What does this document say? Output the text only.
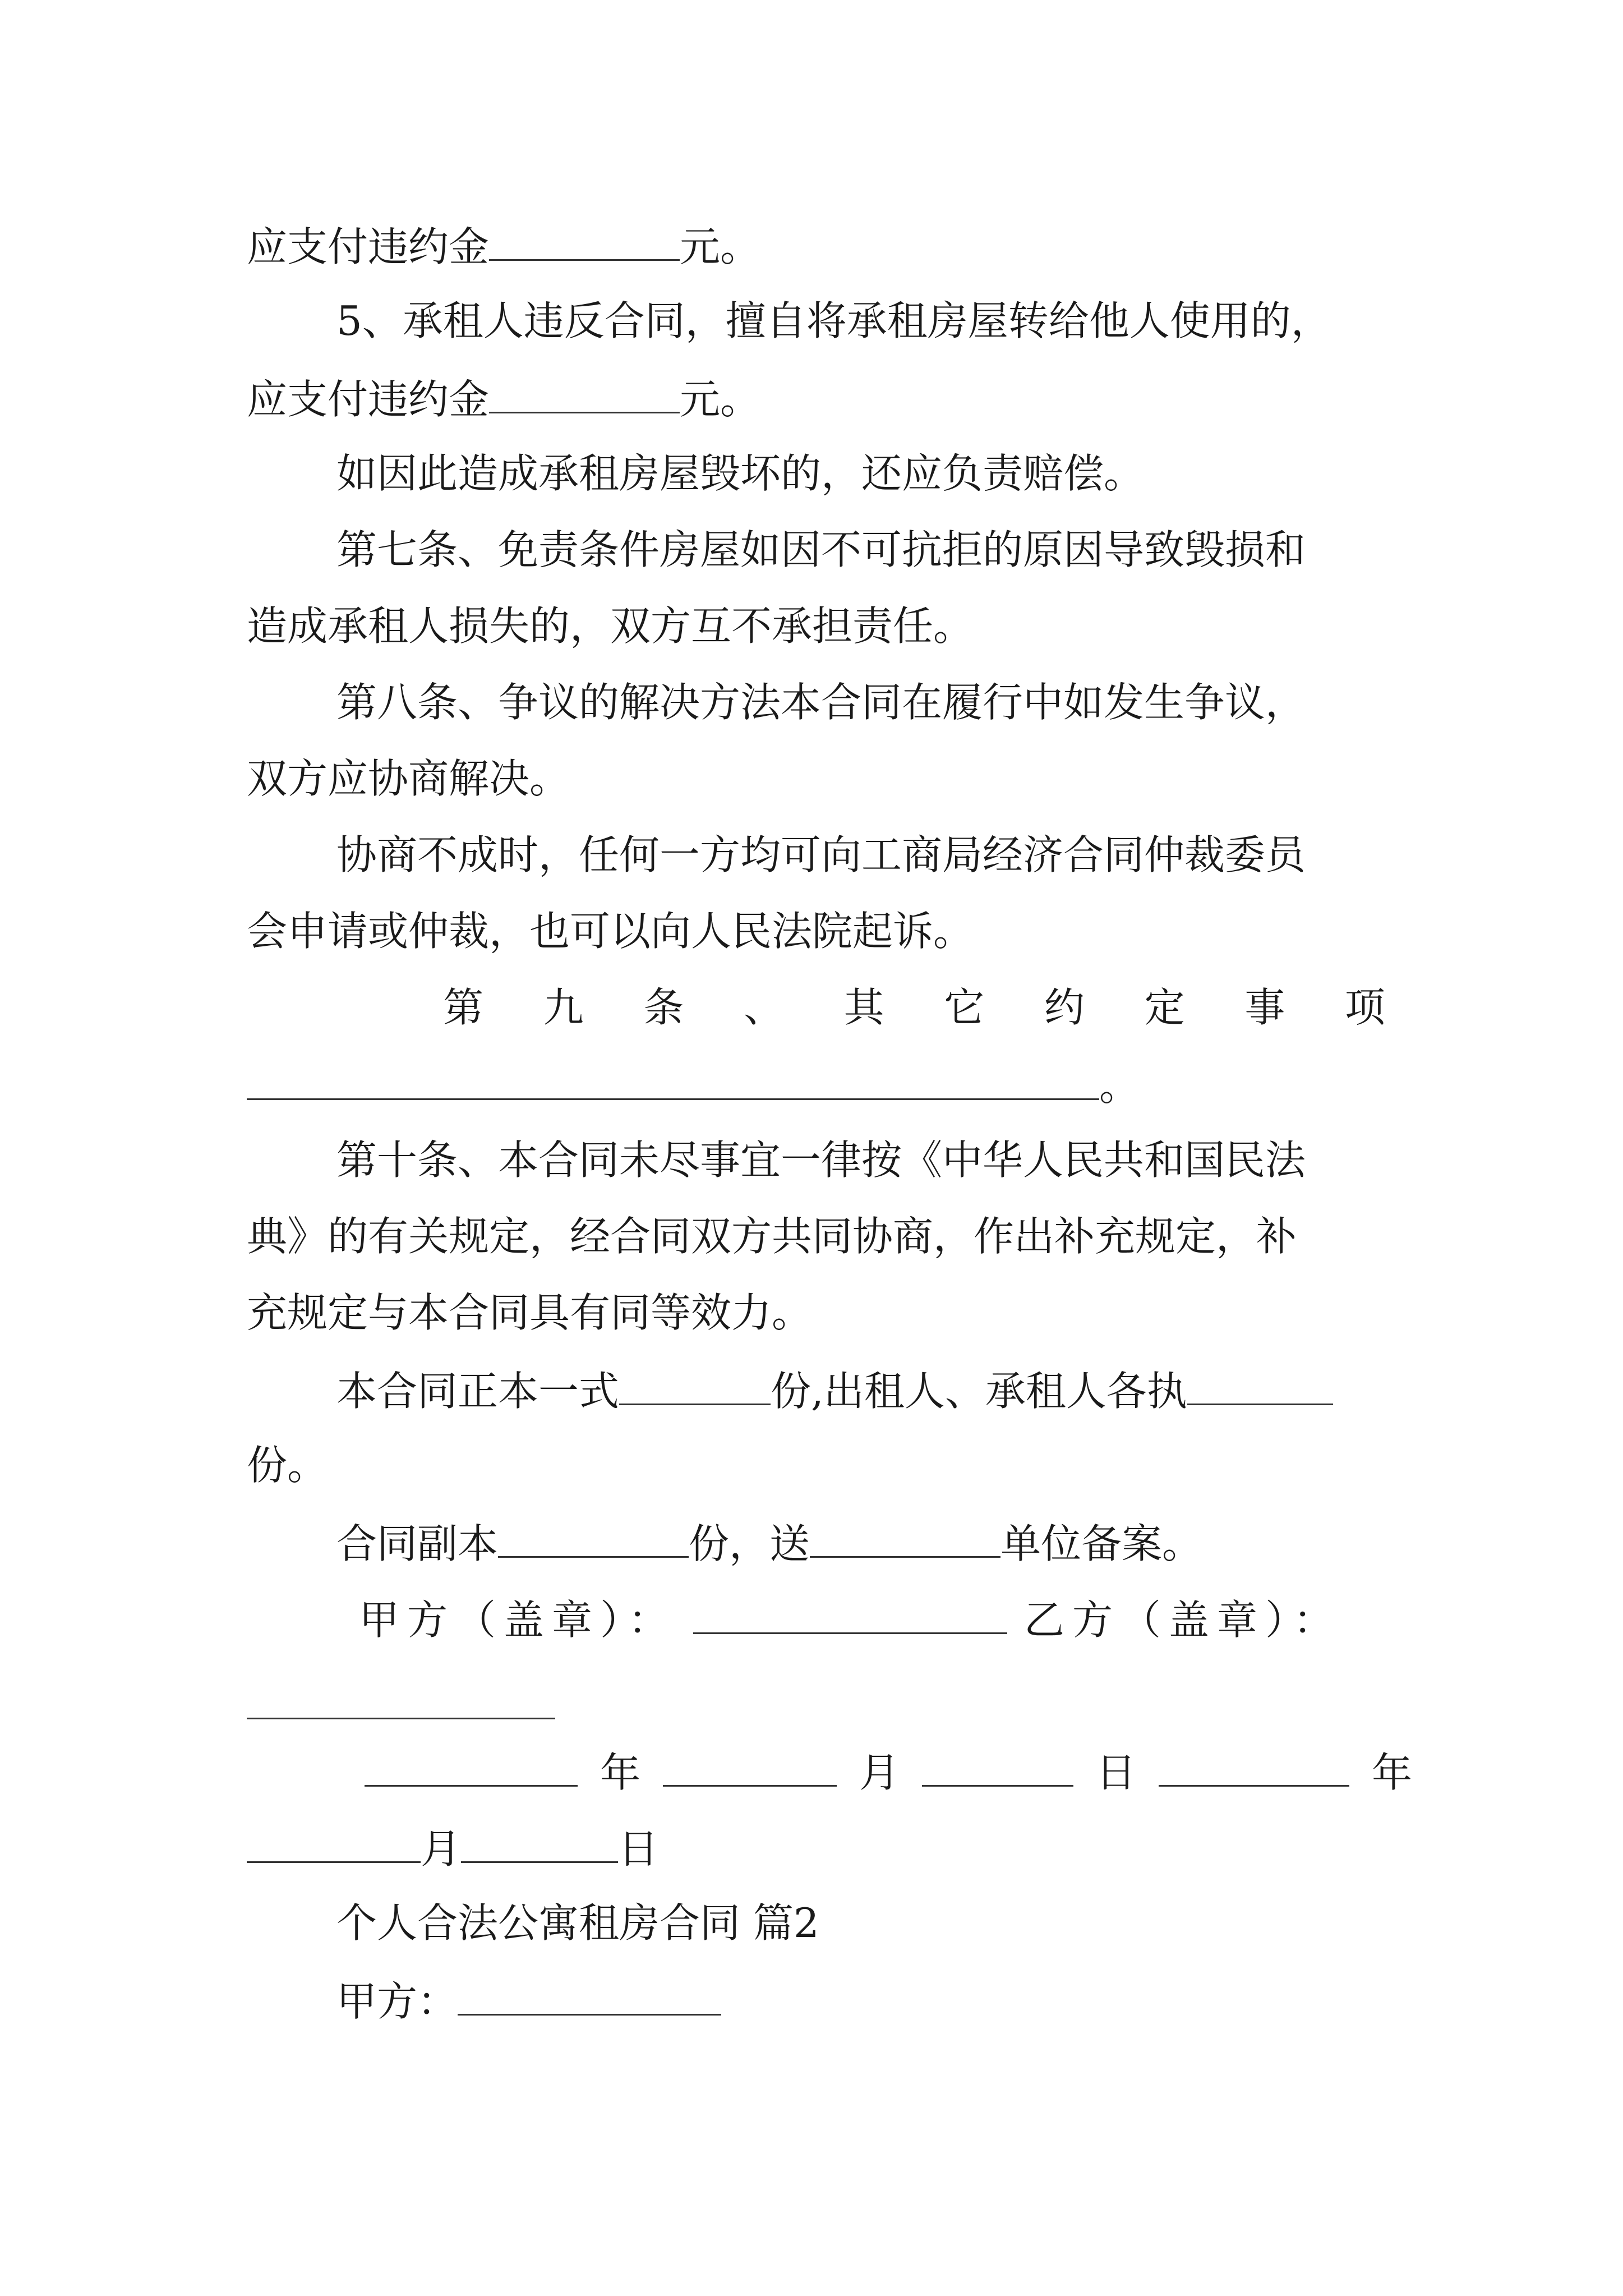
应支付违约金	元。
5、承租人违反合同，擅自将承租房屋转给他人使用的，
应支付违约金	元。
如因此造成承租房屋毁坏的，还应负责赔偿。
第七条、免责条件房屋如因不可抗拒的原因导致毁损和
造成承租人损失的，双方互不承担责任。
第八条、争议的解决方法本合同在履行中如发生争议，
双方应协商解决。
协商不成时，任何一方均可向工商局经济合同仲裁委员
会申请或仲裁，也可以向人民法院起诉。
第 九 条 、 其 它 约 定 事 项
。
第十条、本合同未尽事宜一律按《中华人民共和国民法
典》的有关规定，经合同双方共同协商，作出补充规定，补
充规定与本合同具有同等效力。
本合同正本一式	份,出租人、承租人各执
份。
合同副本	份，送	单位备案。
甲方（盖章）：	乙方（盖章）：
年	月	日	年
月	日
个人合法公寓租房合同 篇2
甲方：
